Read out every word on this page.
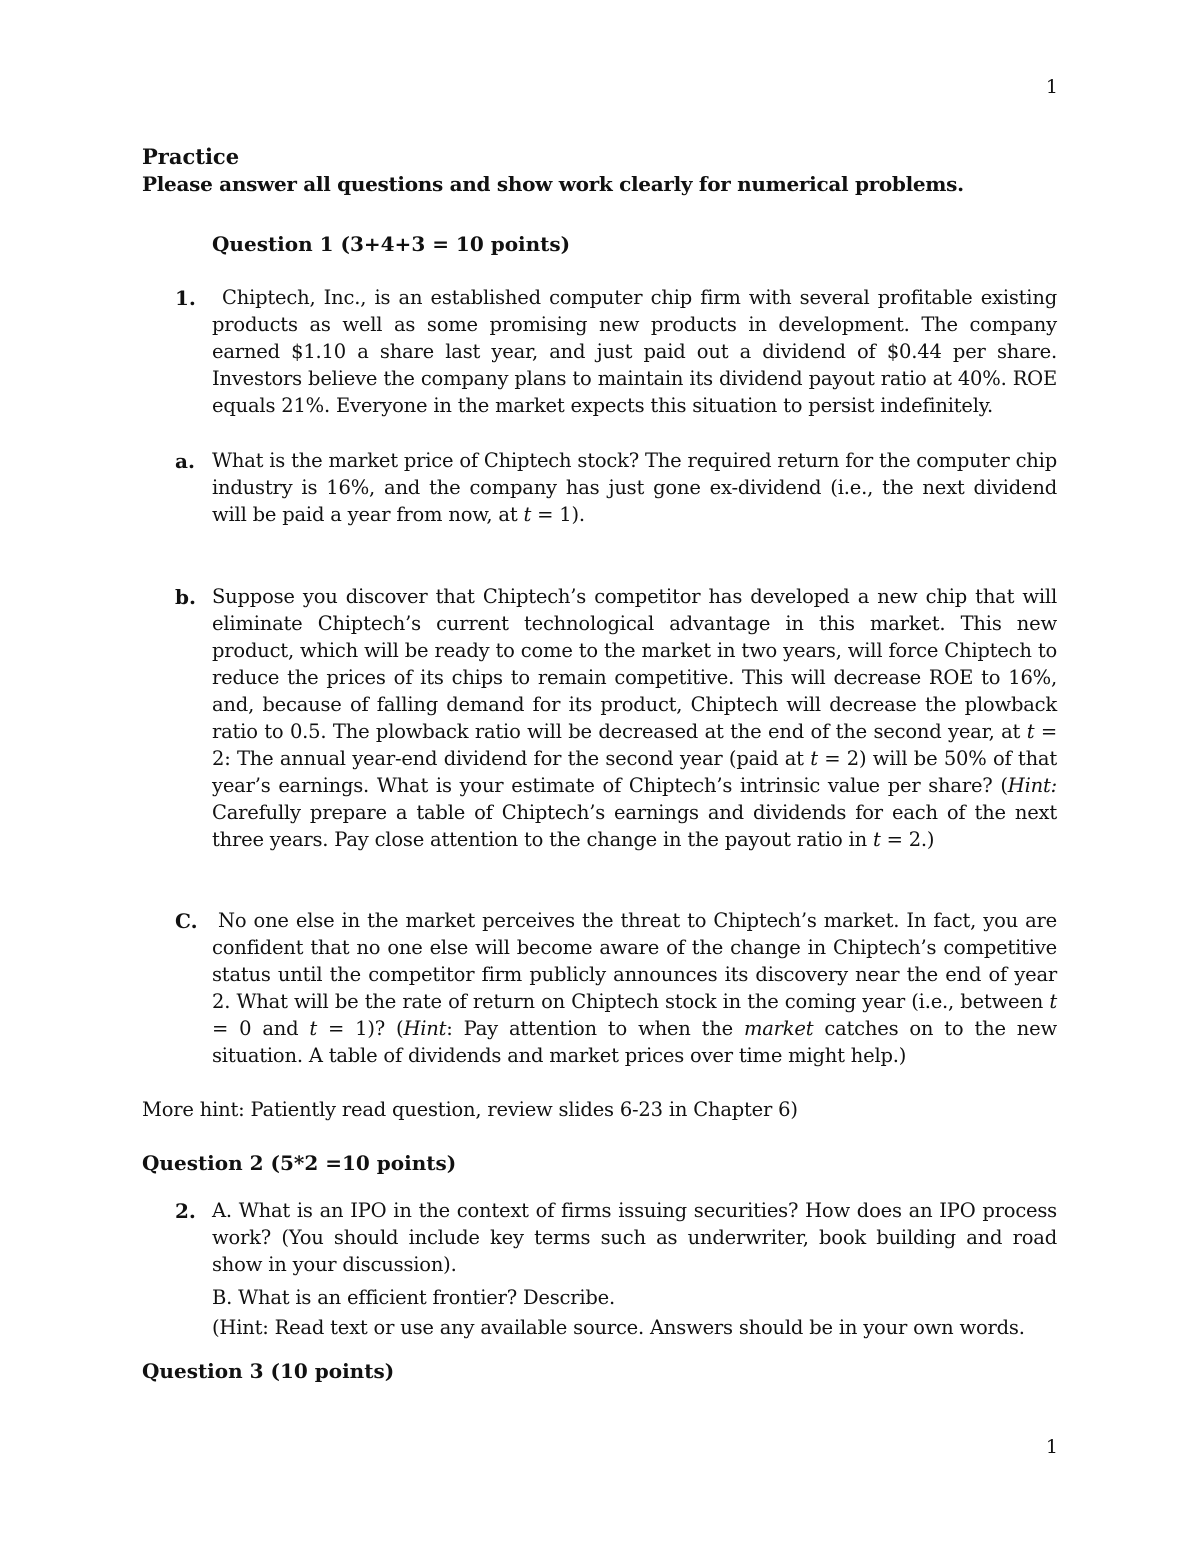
1
Practice
Please answer all questions and show work clearly for numerical problems.
Question 1 (3+4+3 = 10 points)
1.	Chiptech, Inc., is an established computer chip firm with several profitable existing products as well as some promising new products in development. The company earned $1.10 a share last year, and just paid out a dividend of $0.44 per share. Investors believe the company plans to maintain its dividend payout ratio at 40%. ROE equals 21%. Everyone in the market expects this situation to persist indefinitely.
a. What is the market price of Chiptech stock? The required return for the computer chip industry is 16%, and the company has just gone ex-dividend (i.e., the next dividend will be paid a year from now, at t = 1).
b. Suppose you discover that Chiptech’s competitor has developed a new chip that will eliminate Chiptech’s current technological advantage in this market. This new product, which will be ready to come to the market in two years, will force Chiptech to reduce the prices of its chips to remain competitive. This will decrease ROE to 16%, and, because of falling demand for its product, Chiptech will decrease the plowback ratio to 0.5. The plowback ratio will be decreased at the end of the second year, at t = 2: The annual year-end dividend for the second year (paid at t = 2) will be 50% of that year’s earnings. What is your estimate of Chiptech’s intrinsic value per share? (Hint: Carefully prepare a table of Chiptech’s earnings and dividends for each of the next three years. Pay close attention to the change in the payout ratio in t = 2.)
C.	No one else in the market perceives the threat to Chiptech’s market. In fact, you are confident that no one else will become aware of the change in Chiptech’s competitive status until the competitor firm publicly announces its discovery near the end of year 2. What will be the rate of return on Chiptech stock in the coming year (i.e., between t = 0 and t = 1)? (Hint: Pay attention to when the market catches on to the new situation. A table of dividends and market prices over time might help.)
More hint: Patiently read question, review slides 6-23 in Chapter 6)
Question 2 (5*2 =10 points)
2. A. What is an IPO in the context of firms issuing securities? How does an IPO process work? (You should include key terms such as underwriter, book building and road show in your discussion).
B. What is an efficient frontier? Describe.
(Hint: Read text or use any available source. Answers should be in your own words.
Question 3 (10 points)
1
